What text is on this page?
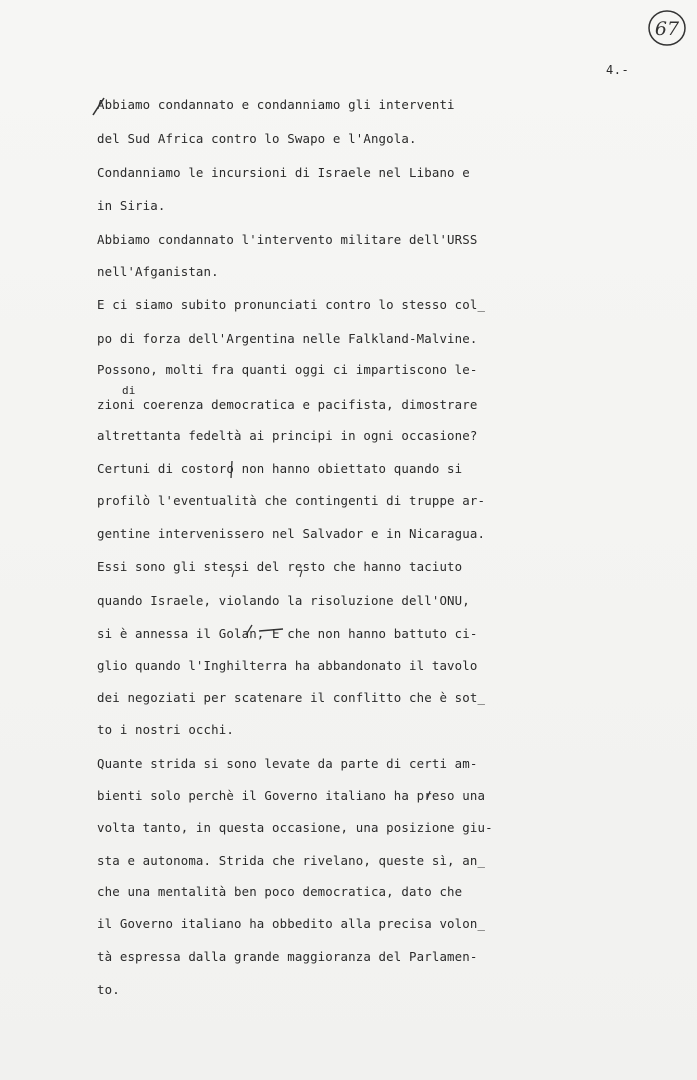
67
4.-
Abbiamo condannato e condanniamo gli interventi
del Sud Africa contro lo Swapo e l'Angola.
Condanniamo le incursioni di Israele nel Libano e
in Siria.
Abbiamo condannato l'intervento militare dell'URSS
nell'Afganistan.
E ci siamo subito pronunciati contro lo stesso col_
po di forza dell'Argentina nelle Falkland-Malvine.
Possono, molti fra quanti oggi ci impartiscono le-
zioni coerenza democratica e pacifista, dimostrare
altrettanta fedeltà ai principi in ogni occasione?
Certuni di costoro non hanno obiettato quando si
profilò l'eventualità che contingenti di truppe ar-
gentine intervenissero nel Salvador e in Nicaragua.
Essi sono gli stessi del resto che hanno taciuto
quando Israele, violando la risoluzione dell'ONU,
si è annessa il Golan, E che non hanno battuto ci-
glio quando l'Inghilterra ha abbandonato il tavolo
dei negoziati per scatenare il conflitto che è sot_
to i nostri occhi.
Quante strida si sono levate da parte di certi am-
bienti solo perchè il Governo italiano ha preso una
volta tanto, in questa occasione, una posizione giu-
sta e autonoma. Strida che rivelano, queste sì, an_
che una mentalità ben poco democratica, dato che
il Governo italiano ha obbedito alla precisa volon_
tà espressa dalla grande maggioranza del Parlamen-
to.
di
